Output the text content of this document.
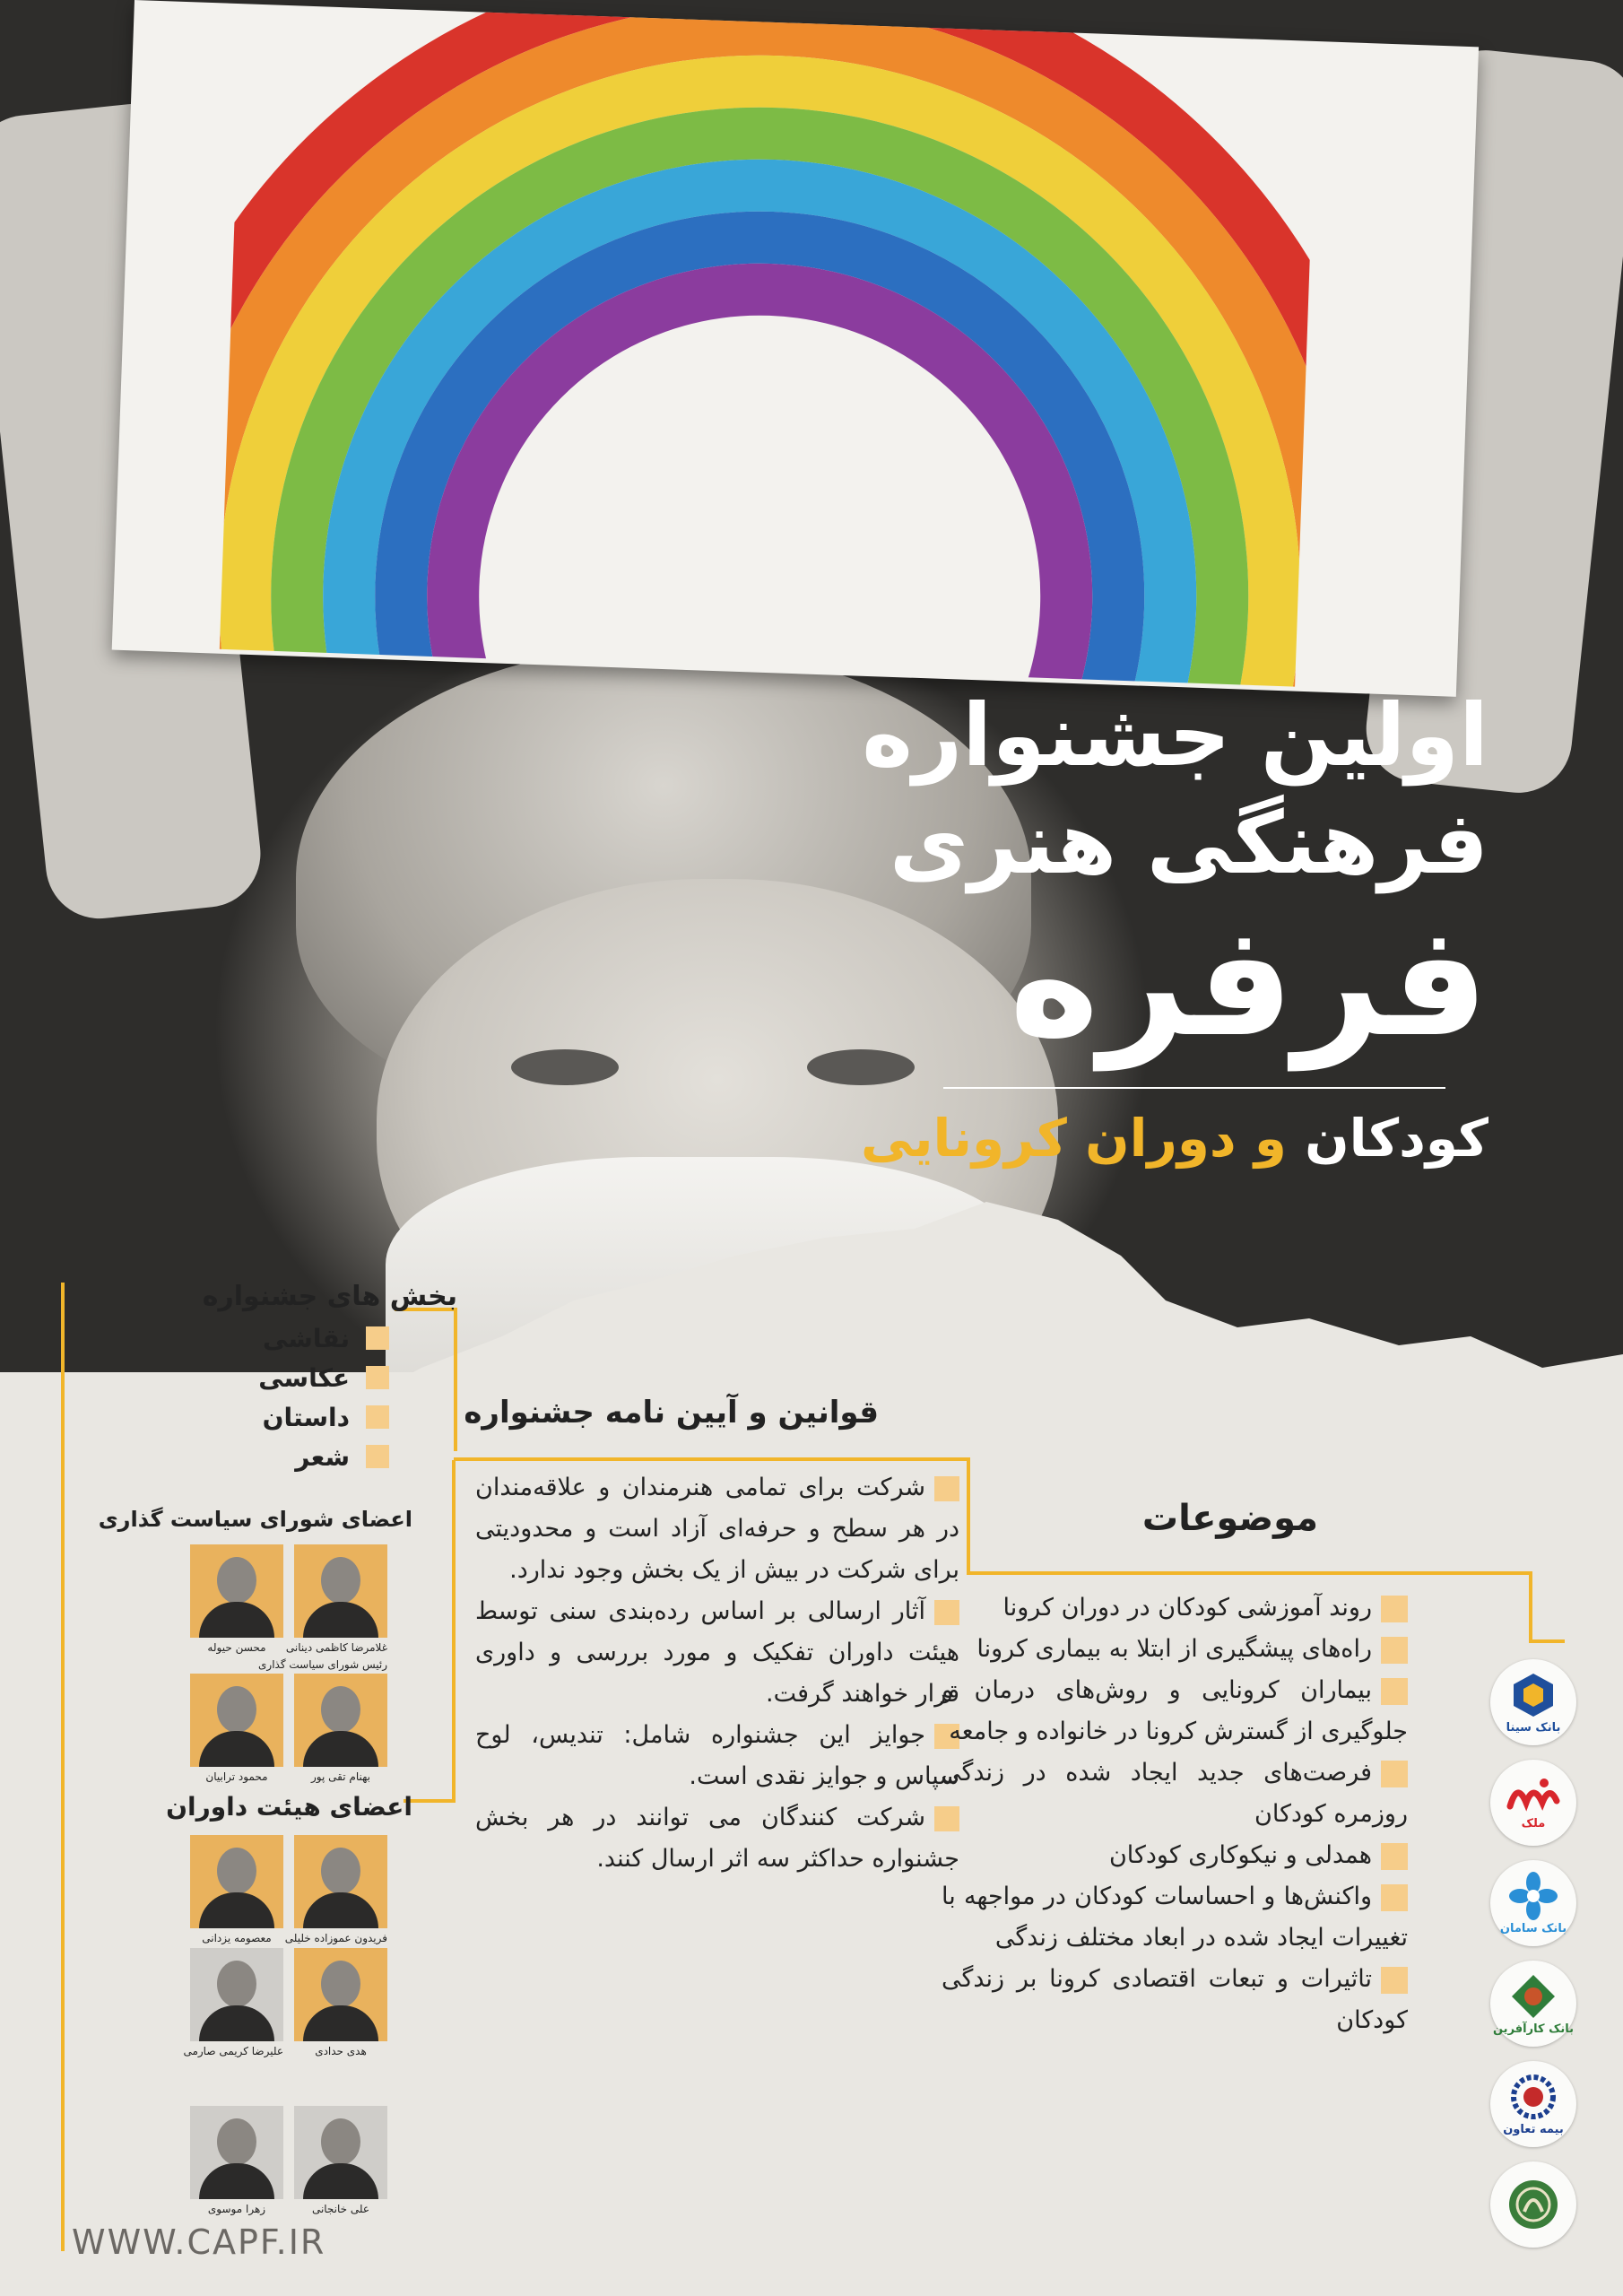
اولین جشنواره
فرهنگی هنری
فرفره
کودکان و دوران کرونایی
بخش های جشنواره
نقاشی
عکاسی
داستان
شعر
اعضای شورای سیاست گذاری
غلامرضا کاظمی دینانی
رئیس شورای سیاست گذاری
محسن حیوله
بهنام تقی پور
محمود ترابیان
اعضای هیئت داوران
فریدون عموزاده خلیلی
معصومه یزدانی
هدی حدادی
علیرضا کریمی صارمی
علی خانجانی
زهرا موسوی
قوانین و آیین نامه جشنواره
شرکت برای تمامی هنرمندان و علاقه‌مندان در هر سطح و حرفه‌ای آزاد است و محدودیتی برای شرکت در بیش از یک بخش وجود ندارد.
آثار ارسالی بر اساس رده‌بندی سنی توسط هیئت داوران تفکیک و مورد بررسی و داوری قرار خواهند گرفت.
جوایز این جشنواره شامل: تندیس، لوح سپاس و جوایز نقدی است.
شرکت کنندگان می توانند در هر بخش جشنواره حداکثر سه اثر ارسال کنند.
موضوعات
روند آموزشی کودکان در دوران کرونا
راه‌های پیشگیری از ابتلا به بیماری کرونا
بیماران کرونایی و روش‌های درمان و جلوگیری از گسترش کرونا در خانواده و جامعه
فرصت‌های جدید ایجاد شده در زندگی روزمره کودکان
همدلی و نیکوکاری کودکان
واکنش‌ها و احساسات کودکان در مواجهه با تغییرات ایجاد شده در ابعاد مختلف زندگی
تاثیرات و تبعات اقتصادی کرونا بر زندگی کودکان
بانک سینا
ملک
بانک سامان
بانک کارآفرین
بیمه تعاون
WWW.CAPF.IR
